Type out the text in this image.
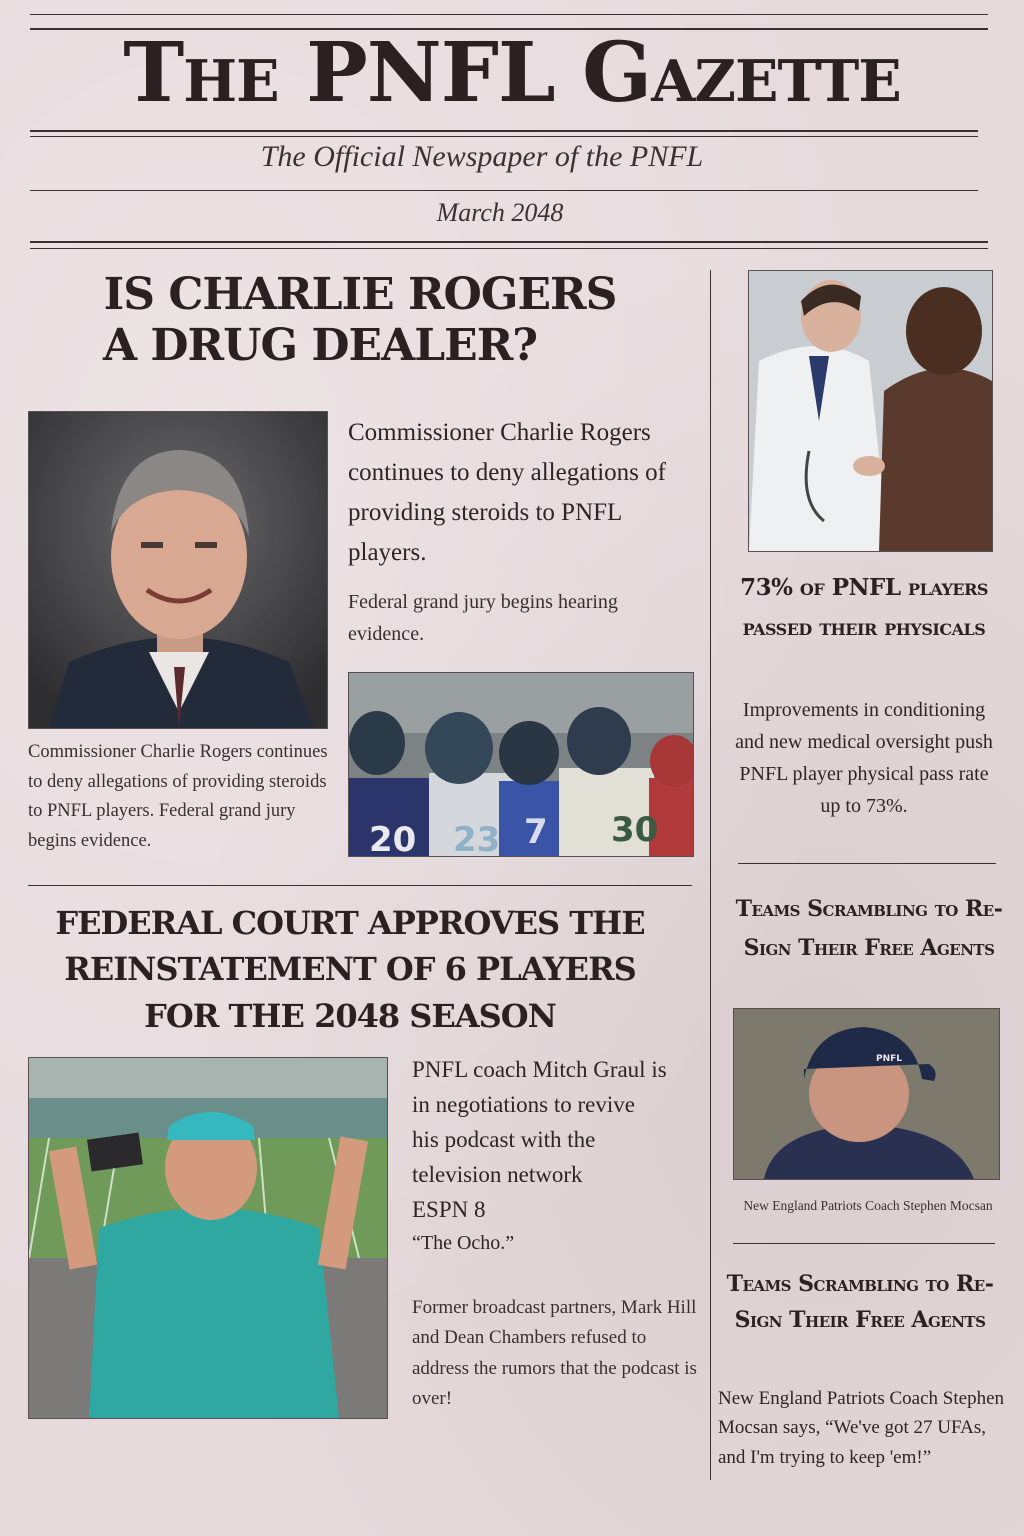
The PNFL Gazette
The Official Newspaper of the PNFL
March 2048
IS CHARLIE ROGERS
A DRUG DEALER?
Commissioner Charlie Rogers continues to deny allegations of providing steroids to PNFL players.
Federal grand jury begins hearing evidence.
Commissioner Charlie Rogers continues to deny allegations of providing steroids to PNFL players. Federal grand jury begins evidence.	20 23 7 30
FEDERAL COURT APPROVES THE
REINSTATEMENT OF 6 PLAYERS
FOR THE 2048 SEASON
PNFL coach Mitch Graul is
in negotiations to revive
his podcast with the
television network
ESPN 8
“The Ocho.”
Former broadcast partners, Mark Hill and Dean Chambers refused to address the rumors that the podcast is over!
73% of PNFL players passed their physicals
Improvements in conditioning and new medical oversight push PNFL player physical pass rate up to 73%.
Teams Scrambling to Re-Sign Their Free Agents
PNFL
New England Patriots Coach Stephen Mocsan
Teams Scrambling to Re-Sign Their Free Agents
New England Patriots Coach Stephen Mocsan says, “We've got 27 UFAs, and I'm trying to keep 'em!”
